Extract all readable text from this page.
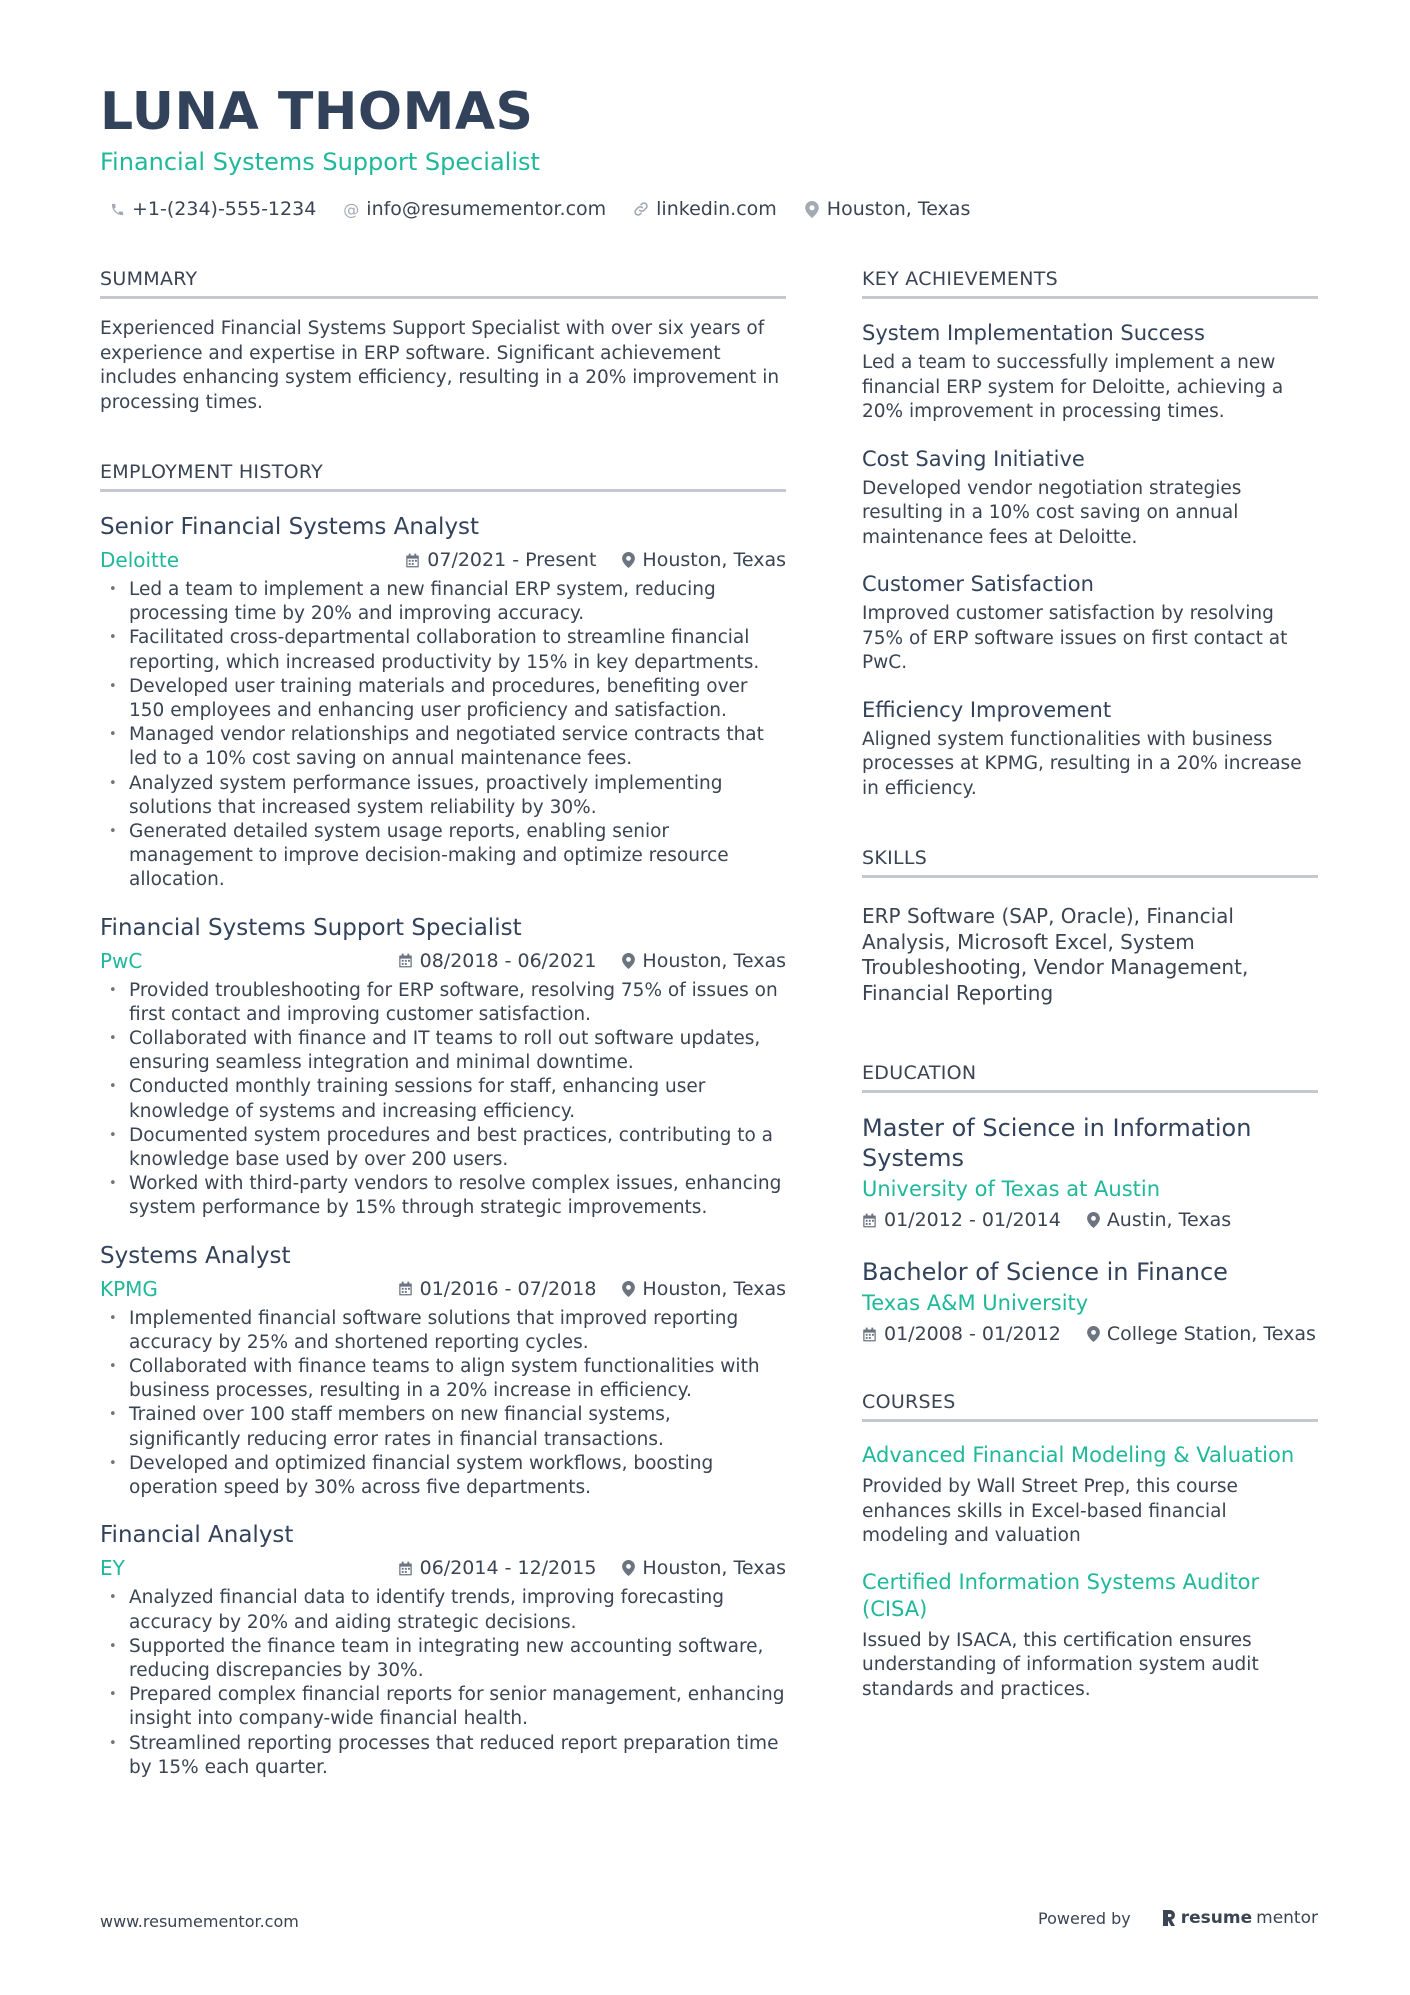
LUNA THOMAS
Financial Systems Support Specialist
+1-(234)-555-1234 @ info@resumementor.com	linkedin.com	Houston, Texas
SUMMARY
Experienced Financial Systems Support Specialist with over six years of experience and expertise in ERP software. Significant achievement includes enhancing system efficiency, resulting in a 20% improvement in processing times.
EMPLOYMENT HISTORY
Senior Financial Systems Analyst
Deloitte	07/2021 - Present Houston, Texas
• Led a team to implement a new financial ERP system, reducing processing time by 20% and improving accuracy.
• Facilitated cross-departmental collaboration to streamline financial reporting, which increased productivity by 15% in key departments.
• Developed user training materials and procedures, benefiting over 150 employees and enhancing user proficiency and satisfaction.
• Managed vendor relationships and negotiated service contracts that led to a 10% cost saving on annual maintenance fees.
• Analyzed system performance issues, proactively implementing solutions that increased system reliability by 30%.
• Generated detailed system usage reports, enabling senior management to improve decision-making and optimize resource allocation.
Financial Systems Support Specialist
PwC	08/2018 - 06/2021 Houston, Texas
• Provided troubleshooting for ERP software, resolving 75% of issues on first contact and improving customer satisfaction.
• Collaborated with finance and IT teams to roll out software updates, ensuring seamless integration and minimal downtime.
• Conducted monthly training sessions for staff, enhancing user knowledge of systems and increasing efficiency.
• Documented system procedures and best practices, contributing to a knowledge base used by over 200 users.
• Worked with third-party vendors to resolve complex issues, enhancing system performance by 15% through strategic improvements.
Systems Analyst
KPMG	01/2016 - 07/2018 Houston, Texas
• Implemented financial software solutions that improved reporting accuracy by 25% and shortened reporting cycles.
• Collaborated with finance teams to align system functionalities with business processes, resulting in a 20% increase in efficiency.
• Trained over 100 staff members on new financial systems, significantly reducing error rates in financial transactions.
• Developed and optimized financial system workflows, boosting operation speed by 30% across five departments.
Financial Analyst
EY	06/2014 - 12/2015 Houston, Texas
• Analyzed financial data to identify trends, improving forecasting accuracy by 20% and aiding strategic decisions.
• Supported the finance team in integrating new accounting software, reducing discrepancies by 30%.
• Prepared complex financial reports for senior management, enhancing insight into company-wide financial health.
• Streamlined reporting processes that reduced report preparation time by 15% each quarter.
KEY ACHIEVEMENTS
System Implementation Success
Led a team to successfully implement a new financial ERP system for Deloitte, achieving a 20% improvement in processing times.
Cost Saving Initiative
Developed vendor negotiation strategies resulting in a 10% cost saving on annual maintenance fees at Deloitte.
Customer Satisfaction
Improved customer satisfaction by resolving 75% of ERP software issues on first contact at PwC.
Efficiency Improvement
Aligned system functionalities with business processes at KPMG, resulting in a 20% increase in efficiency.
SKILLS
ERP Software (SAP, Oracle), Financial Analysis, Microsoft Excel, System Troubleshooting, Vendor Management, Financial Reporting
EDUCATION
Master of Science in Information Systems
University of Texas at Austin
01/2012 - 01/2014 Austin, Texas
Bachelor of Science in Finance
Texas A&M University
01/2008 - 01/2012 College Station, Texas
COURSES
Advanced Financial Modeling & Valuation
Provided by Wall Street Prep, this course enhances skills in Excel-based financial modeling and valuation
Certified Information Systems Auditor (CISA)
Issued by ISACA, this certification ensures understanding of information system audit standards and practices.
www.resumementor.com	Powered by	resume mentor
